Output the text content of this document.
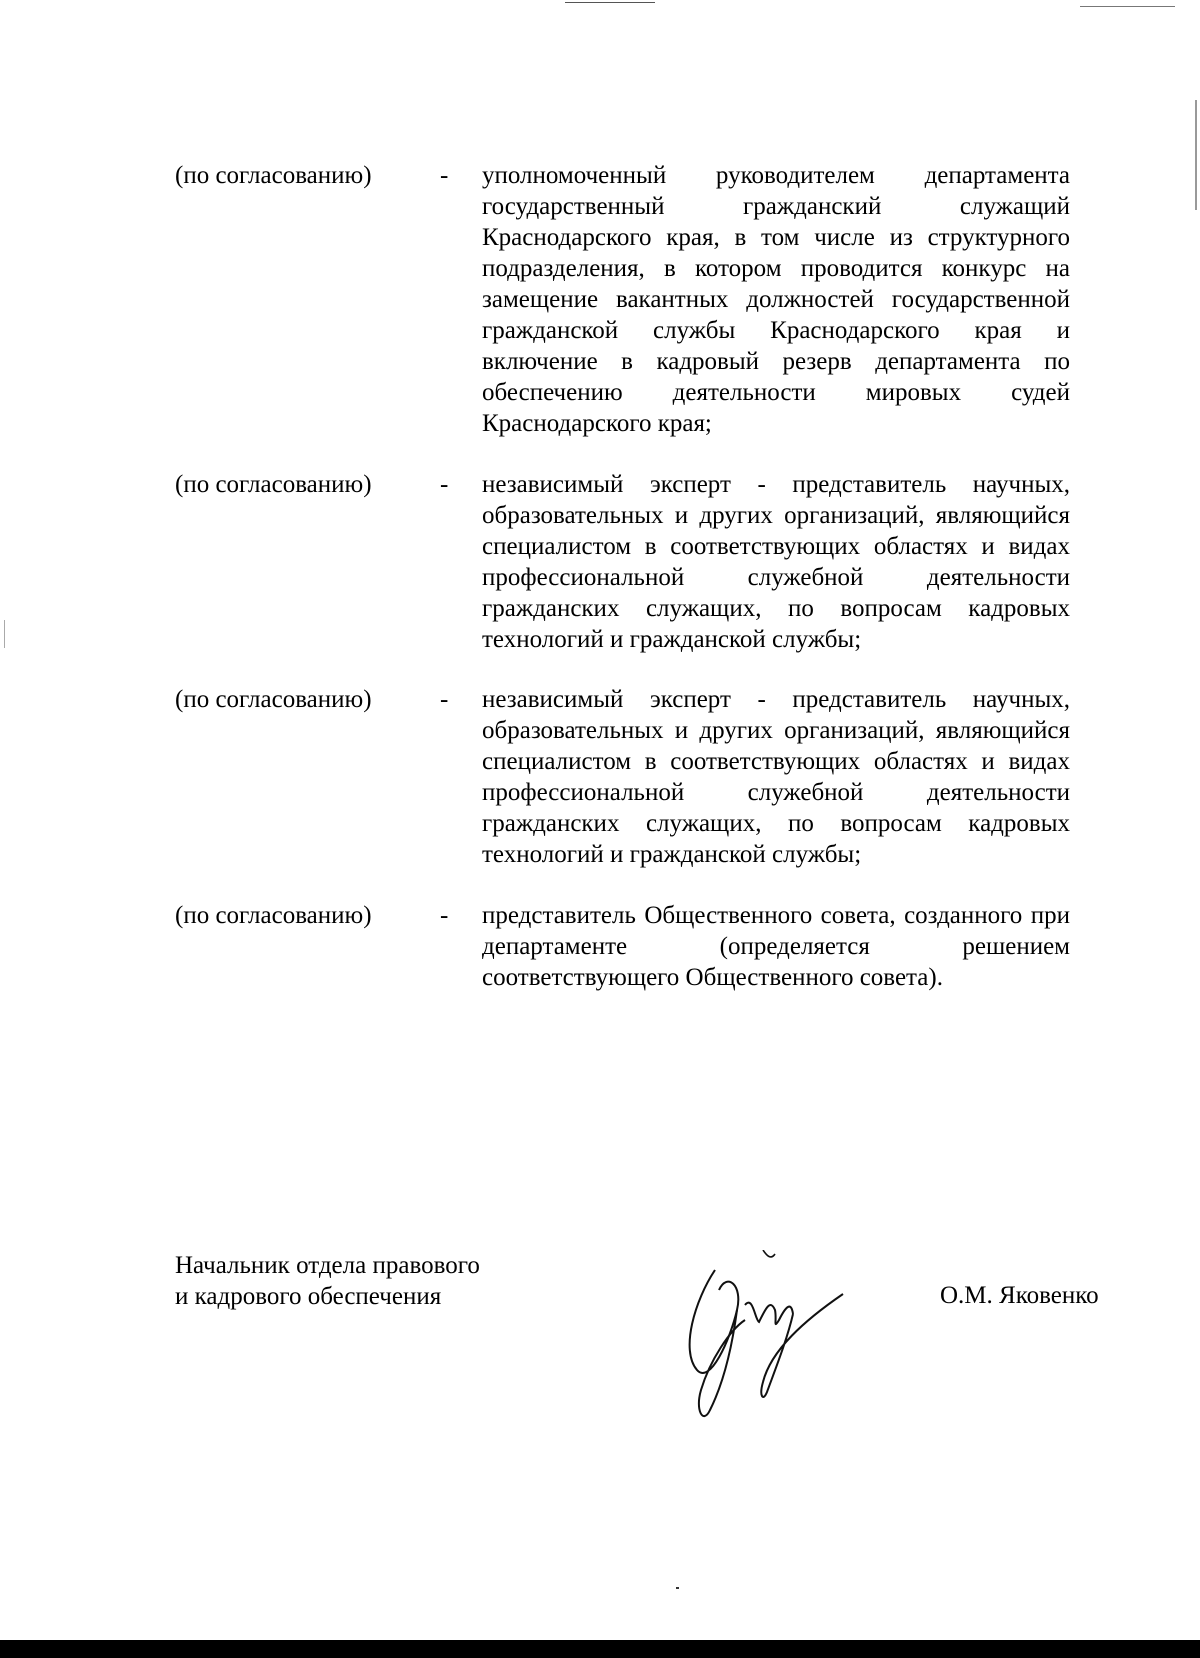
(по согласованию)	-	уполномоченный руководителем департамента государственный гражданский служащий Краснодарского края, в том числе из структурного подразделения, в котором проводится конкурс на замещение вакантных должностей государственной гражданской службы Краснодарского края и включение в кадровый резерв департамента по обеспечению деятельности мировых судей Краснодарского края;
(по согласованию)	-	независимый эксперт - представитель научных, образовательных и других организаций, являющийся специалистом в соответствующих областях и видах профессиональной служебной деятельности гражданских служащих, по вопросам кадровых технологий и гражданской службы;
(по согласованию)	-	независимый эксперт - представитель научных, образовательных и других организаций, являющийся специалистом в соответствующих областях и видах профессиональной служебной деятельности гражданских служащих, по вопросам кадровых технологий и гражданской службы;
(по согласованию)	-	представитель Общественного совета, созданного при департаменте (определяется решением соответствующего Общественного совета).
Начальник отдела правового
и кадрового обеспечения	О.М. Яковенко
